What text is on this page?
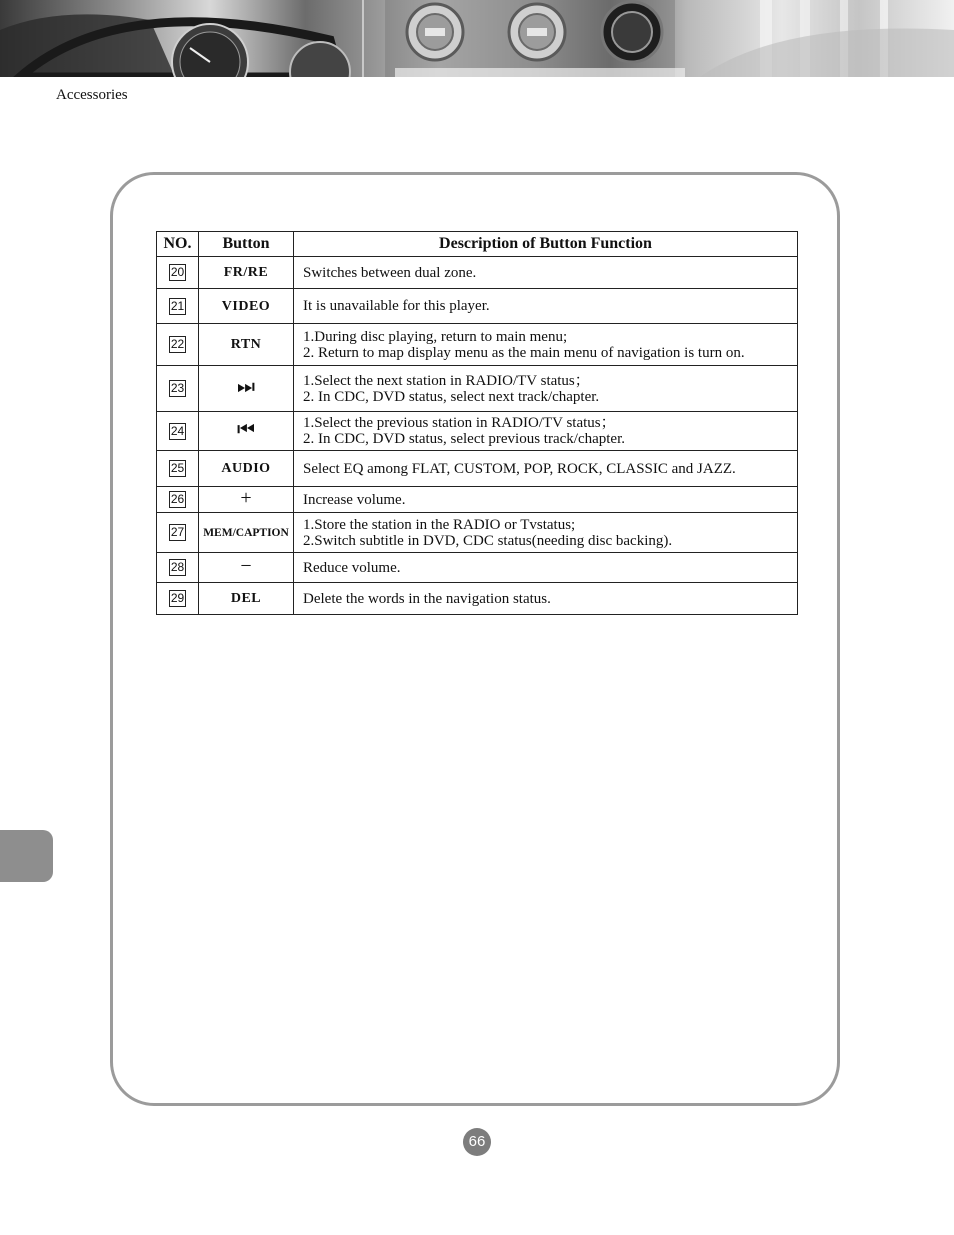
Accessories
NO.	Button	Description of Button Function
20	FR/RE	Switches between dual zone.

21	VIDEO	It is unavailable for this player.

22	RTN	1.During disc playing, return to main menu;
2. Return to map display menu as the main menu of navigation is turn on.

23	⏭	1.Select the next station in RADIO/TV status；
2. In CDC, DVD status, select next track/chapter.

24	⏮	1.Select the previous station in RADIO/TV status；
2. In CDC, DVD status, select previous track/chapter.

25	AUDIO	Select EQ among FLAT, CUSTOM, POP, ROCK, CLASSIC and JAZZ.

26	+	Increase volume.

27	MEM/CAPTION	1.Store the station in the RADIO or Tvstatus;
2.Switch subtitle in DVD, CDC status(needing disc backing).

28	−	Reduce volume.

29	DEL	Delete the words in the navigation status.
66
